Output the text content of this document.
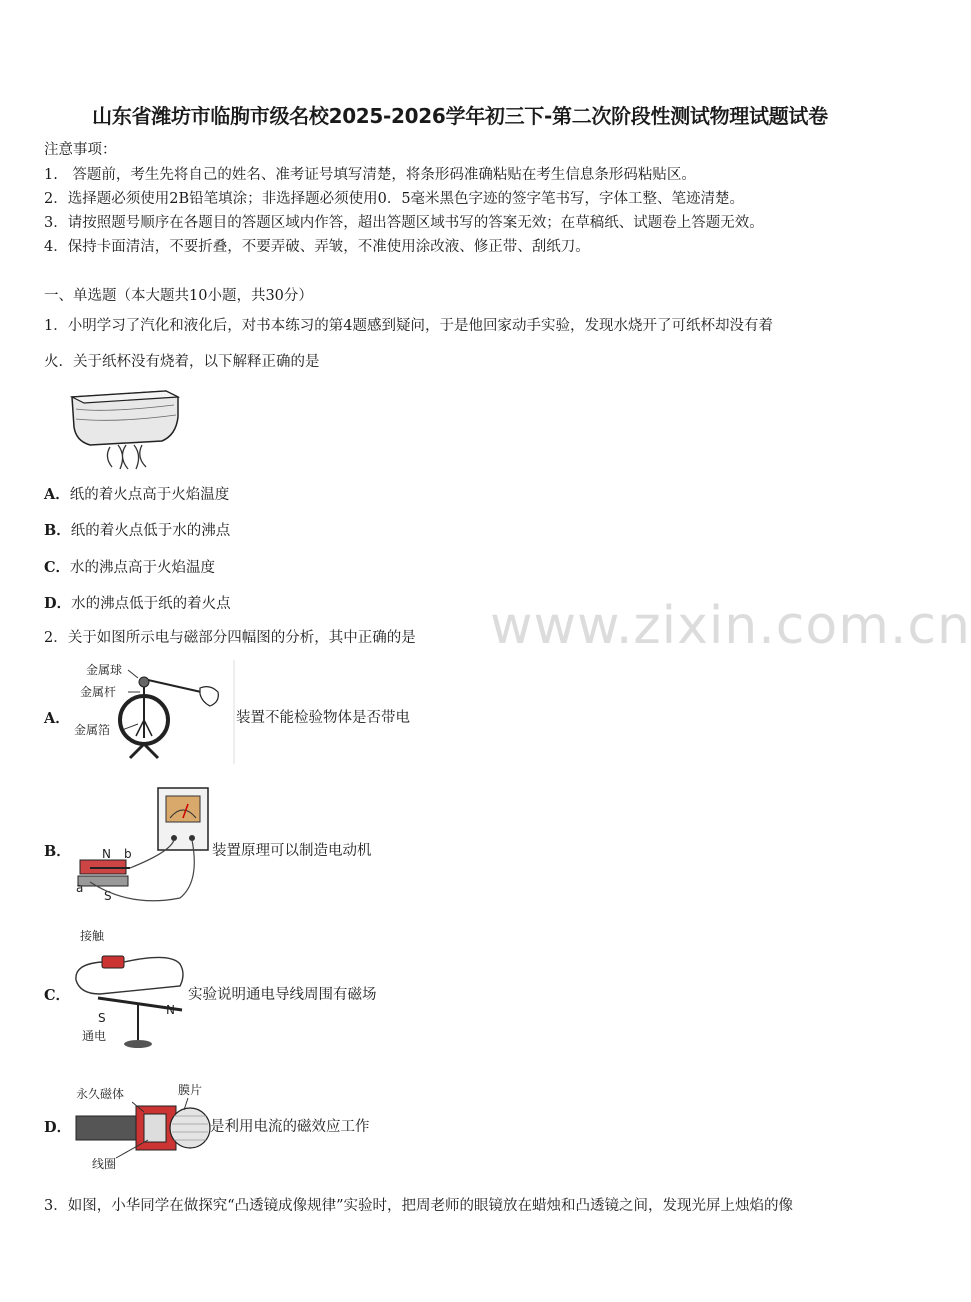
山东省潍坊市临朐市级名校2025-2026学年初三下-第二次阶段性测试物理试题试卷
注意事项：
1.　答题前，考生先将自己的姓名、准考证号填写清楚，将条形码准确粘贴在考生信息条形码粘贴区。
2．选择题必须使用2B铅笔填涂；非选择题必须使用0．5毫米黑色字迹的签字笔书写，字体工整、笔迹清楚。
3．请按照题号顺序在各题目的答题区域内作答，超出答题区域书写的答案无效；在草稿纸、试题卷上答题无效。
4．保持卡面清洁，不要折叠，不要弄破、弄皱，不准使用涂改液、修正带、刮纸刀。
一、单选题（本大题共10小题，共30分）
1．小明学习了汽化和液化后，对书本练习的第4题感到疑问，于是他回家动手实验，发现水烧开了可纸杯却没有着
火．关于纸杯没有烧着，以下解释正确的是
A．纸的着火点高于火焰温度
B．纸的着火点低于水的沸点
C．水的沸点高于火焰温度
D．水的沸点低于纸的着火点	www.zixin.com.cn
2．关于如图所示电与磁部分四幅图的分析，其中正确的是
A．
金属球
金属杆
金属箔
装置不能检验物体是否带电
B．	N b
a
S
装置原理可以制造电动机
C．
接触
S
N
通电
实验说明通电导线周围有磁场
D．
永久磁体	膜片
线圈
是利用电流的磁效应工作
3．如图，小华同学在做探究“凸透镜成像规律”实验时，把周老师的眼镜放在蜡烛和凸透镜之间，发现光屏上烛焰的像
